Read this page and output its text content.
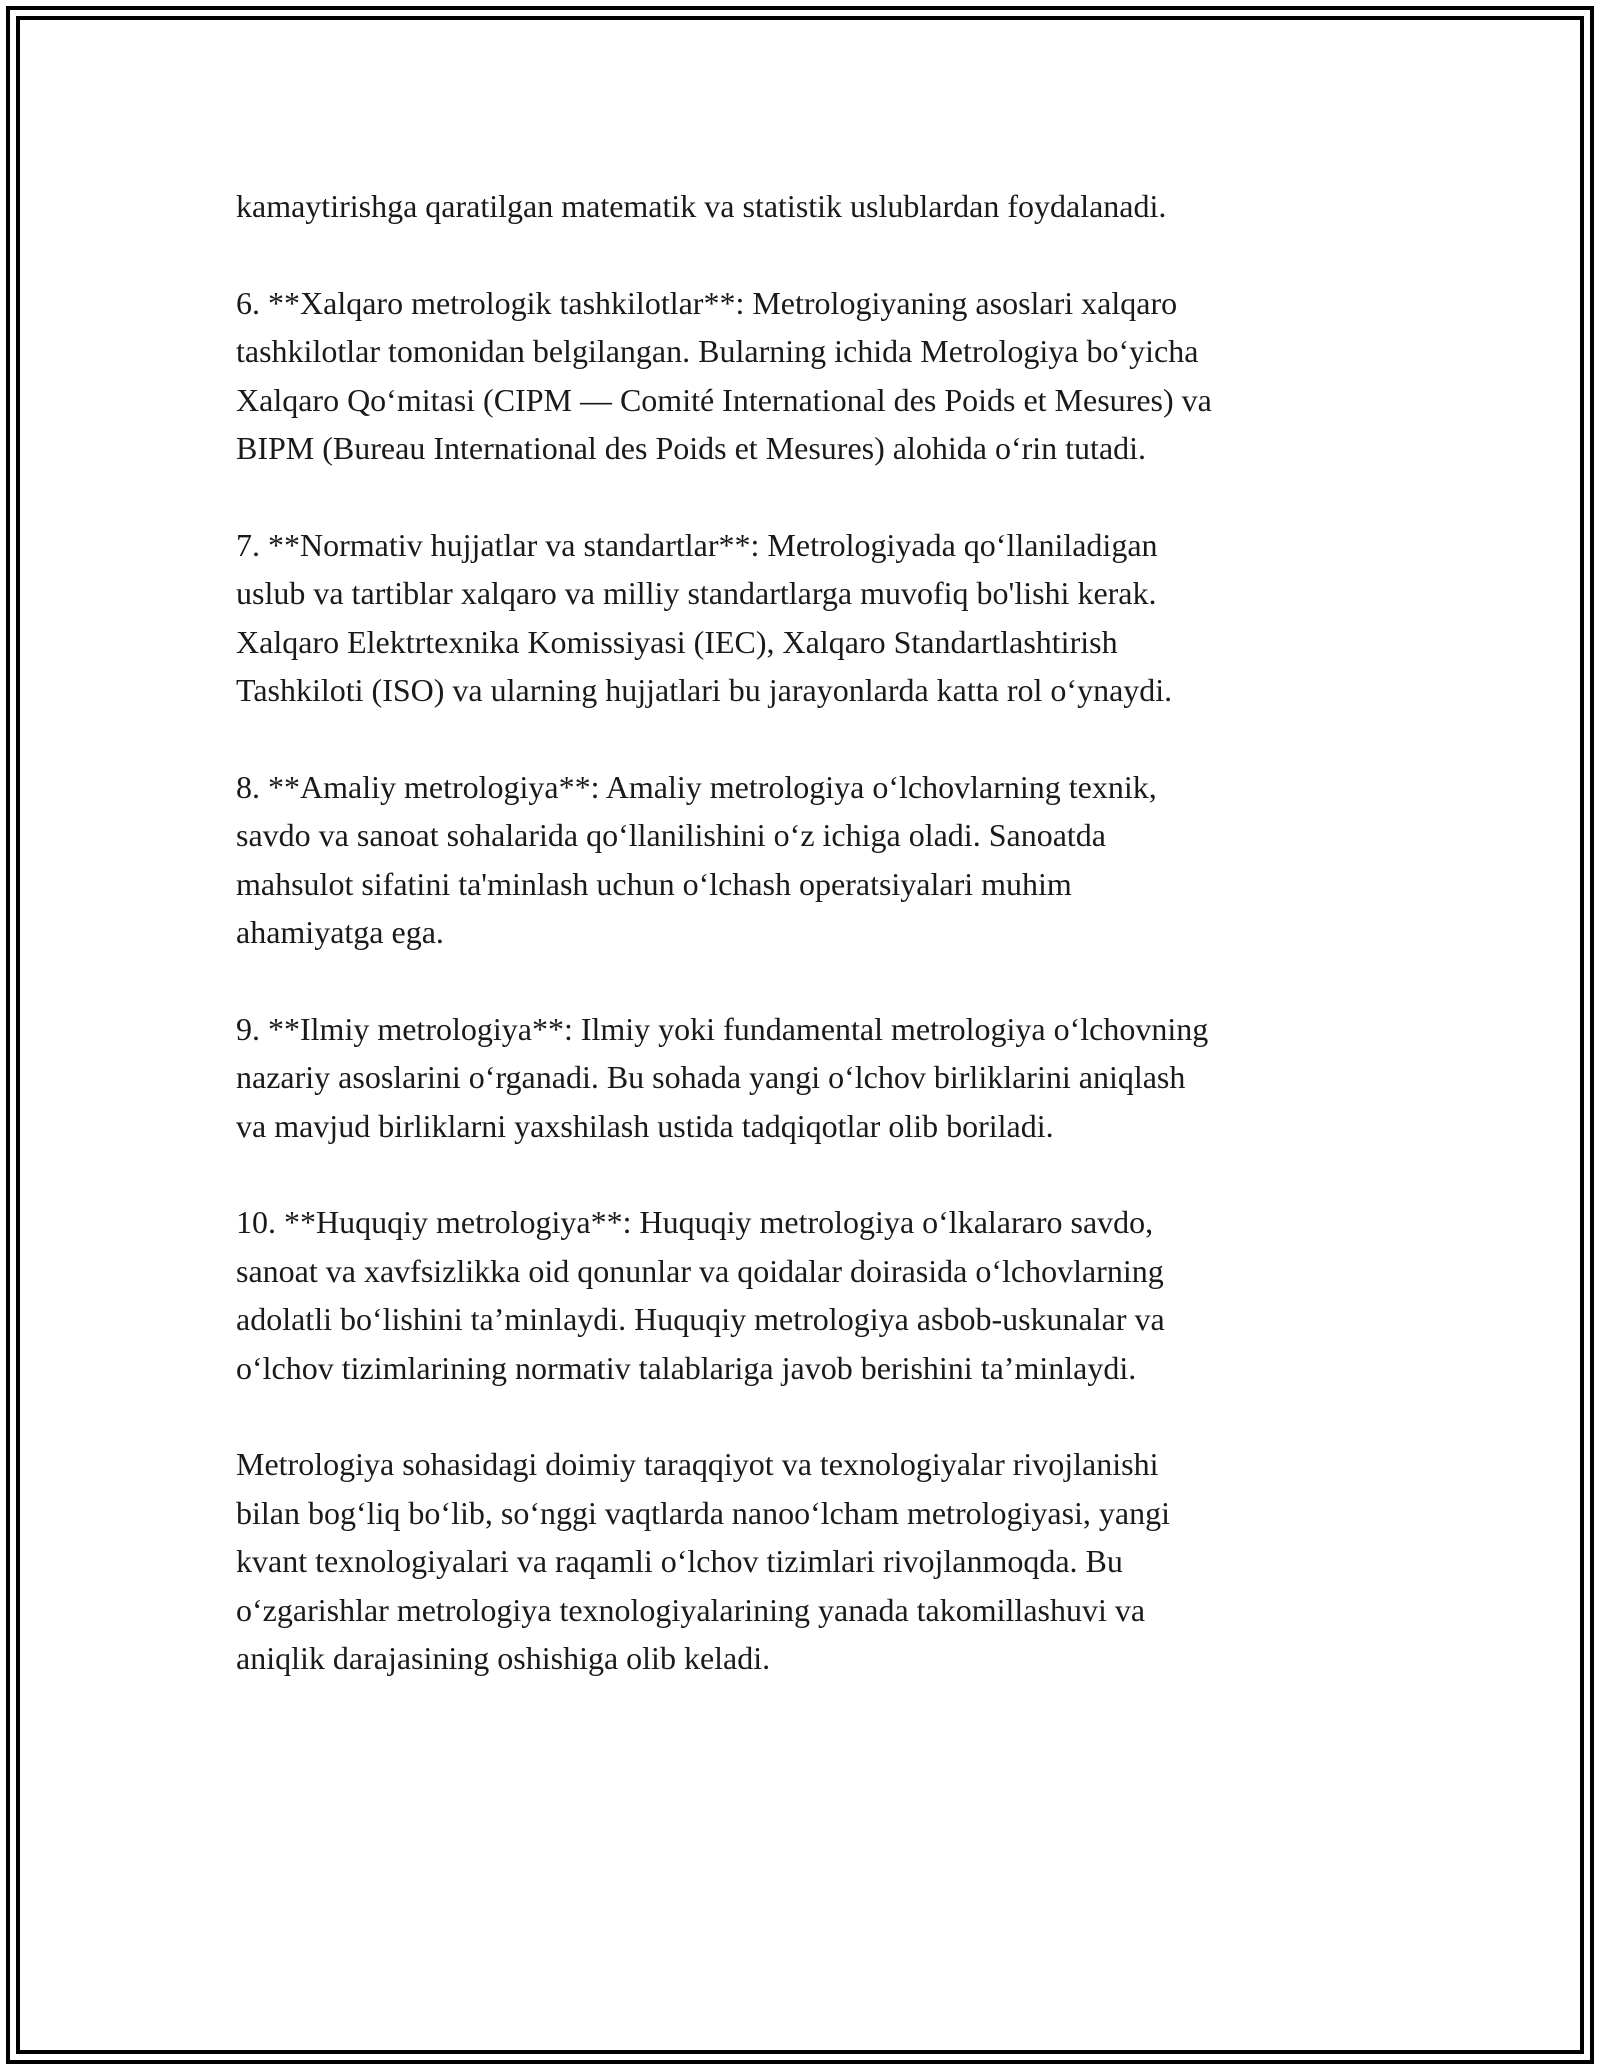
kamaytirishga qaratilgan matematik va statistik uslublardan foydalanadi.

6. **Xalqaro metrologik tashkilotlar**: Metrologiyaning asoslari xalqaro
tashkilotlar tomonidan belgilangan. Bularning ichida Metrologiya bo‘yicha
Xalqaro Qo‘mitasi (CIPM — Comité International des Poids et Mesures) va
BIPM (Bureau International des Poids et Mesures) alohida o‘rin tutadi.

7. **Normativ hujjatlar va standartlar**: Metrologiyada qo‘llaniladigan
uslub va tartiblar xalqaro va milliy standartlarga muvofiq bo'lishi kerak.
Xalqaro Elektrtexnika Komissiyasi (IEC), Xalqaro Standartlashtirish
Tashkiloti (ISO) va ularning hujjatlari bu jarayonlarda katta rol o‘ynaydi.

8. **Amaliy metrologiya**: Amaliy metrologiya o‘lchovlarning texnik,
savdo va sanoat sohalarida qo‘llanilishini o‘z ichiga oladi. Sanoatda
mahsulot sifatini ta'minlash uchun o‘lchash operatsiyalari muhim
ahamiyatga ega.

9. **Ilmiy metrologiya**: Ilmiy yoki fundamental metrologiya o‘lchovning
nazariy asoslarini o‘rganadi. Bu sohada yangi o‘lchov birliklarini aniqlash
va mavjud birliklarni yaxshilash ustida tadqiqotlar olib boriladi.

10. **Huquqiy metrologiya**: Huquqiy metrologiya o‘lkalararo savdo,
sanoat va xavfsizlikka oid qonunlar va qoidalar doirasida o‘lchovlarning
adolatli bo‘lishini ta’minlaydi. Huquqiy metrologiya asbob-uskunalar va
o‘lchov tizimlarining normativ talablariga javob berishini ta’minlaydi.

Metrologiya sohasidagi doimiy taraqqiyot va texnologiyalar rivojlanishi
bilan bog‘liq bo‘lib, so‘nggi vaqtlarda nanoo‘lcham metrologiyasi, yangi
kvant texnologiyalari va raqamli o‘lchov tizimlari rivojlanmoqda. Bu
o‘zgarishlar metrologiya texnologiyalarining yanada takomillashuvi va
aniqlik darajasining oshishiga olib keladi.
